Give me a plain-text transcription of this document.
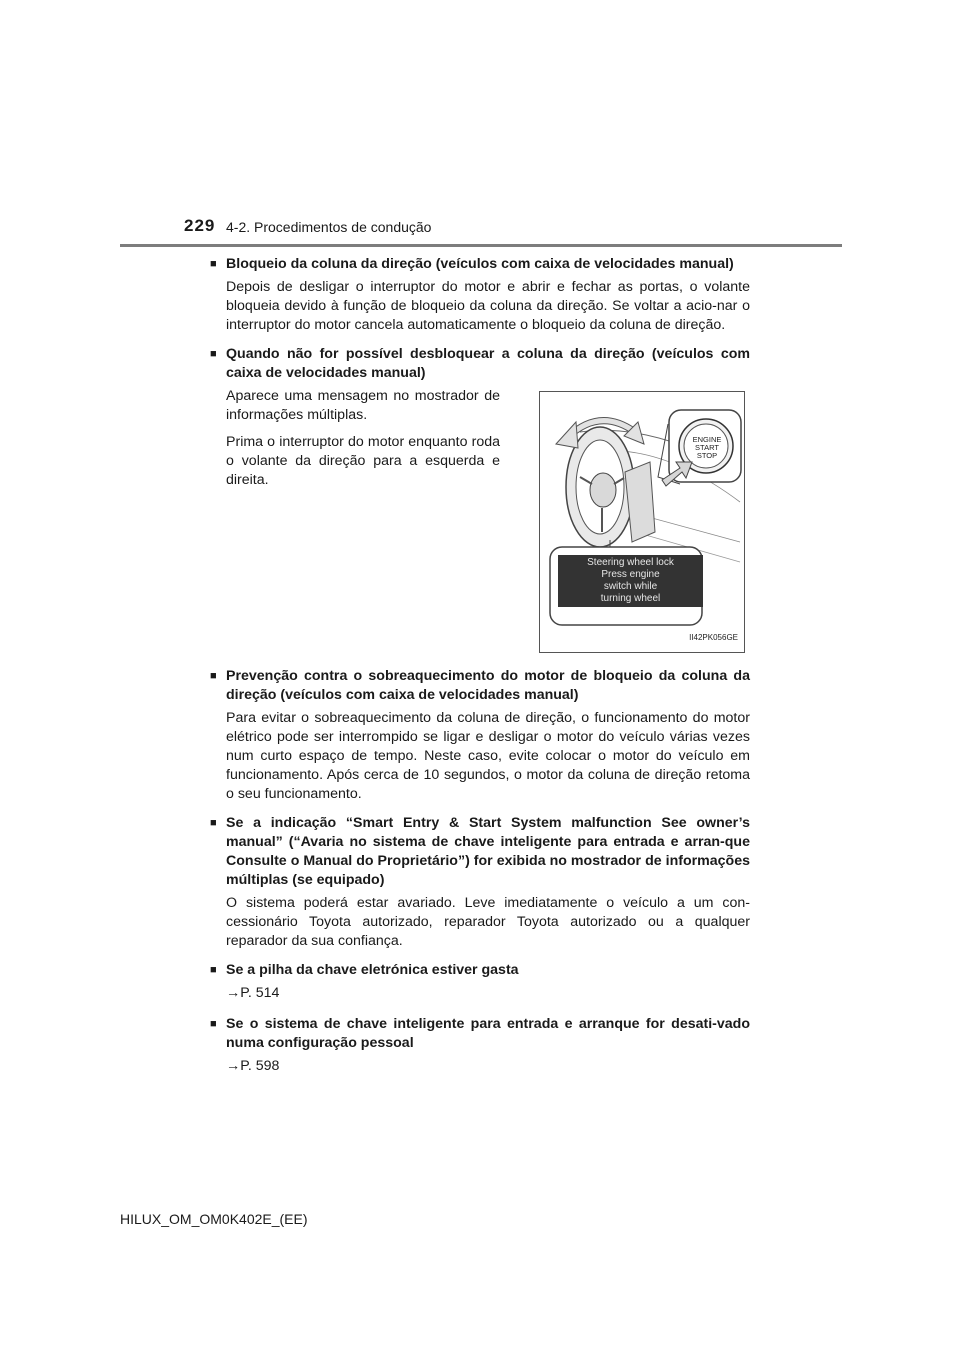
229 4-2. Procedimentos de condução
■ Bloqueio da coluna da direção (veículos com caixa de velocidades manual)
Depois de desligar o interruptor do motor e abrir e fechar as portas, o volante bloqueia devido à função de bloqueio da coluna da direção. Se voltar a acio-nar o interruptor do motor cancela automaticamente o bloqueio da coluna de direção.
■ Quando não for possível desbloquear a coluna da direção (veículos com caixa de velocidades manual)
Aparece uma mensagem no mostrador de informações múltiplas.
Prima o interruptor do motor enquanto roda o volante da direção para a esquerda e direita.
ENGINE
START
STOP
Steering wheel lock
Press engine
switch while
turning wheel
II42PK056GE
■ Prevenção contra o sobreaquecimento do motor de bloqueio da coluna da direção (veículos com caixa de velocidades manual)
Para evitar o sobreaquecimento da coluna de direção, o funcionamento do motor elétrico pode ser interrompido se ligar e desligar o motor do veículo várias vezes num curto espaço de tempo. Neste caso, evite colocar o motor do veículo em funcionamento. Após cerca de 10 segundos, o motor da coluna de direção retoma o seu funcionamento.
■ Se a indicação “Smart Entry & Start System malfunction See owner’s manual” (“Avaria no sistema de chave inteligente para entrada e arran-que Consulte o Manual do Proprietário”) for exibida no mostrador de informações múltiplas (se equipado)
O sistema poderá estar avariado. Leve imediatamente o veículo a um con-cessionário Toyota autorizado, reparador Toyota autorizado ou a qualquer reparador da sua confiança.
■ Se a pilha da chave eletrónica estiver gasta
→P. 514
■ Se o sistema de chave inteligente para entrada e arranque for desati-vado numa configuração pessoal
→P. 598
HILUX_OM_OM0K402E_(EE)
